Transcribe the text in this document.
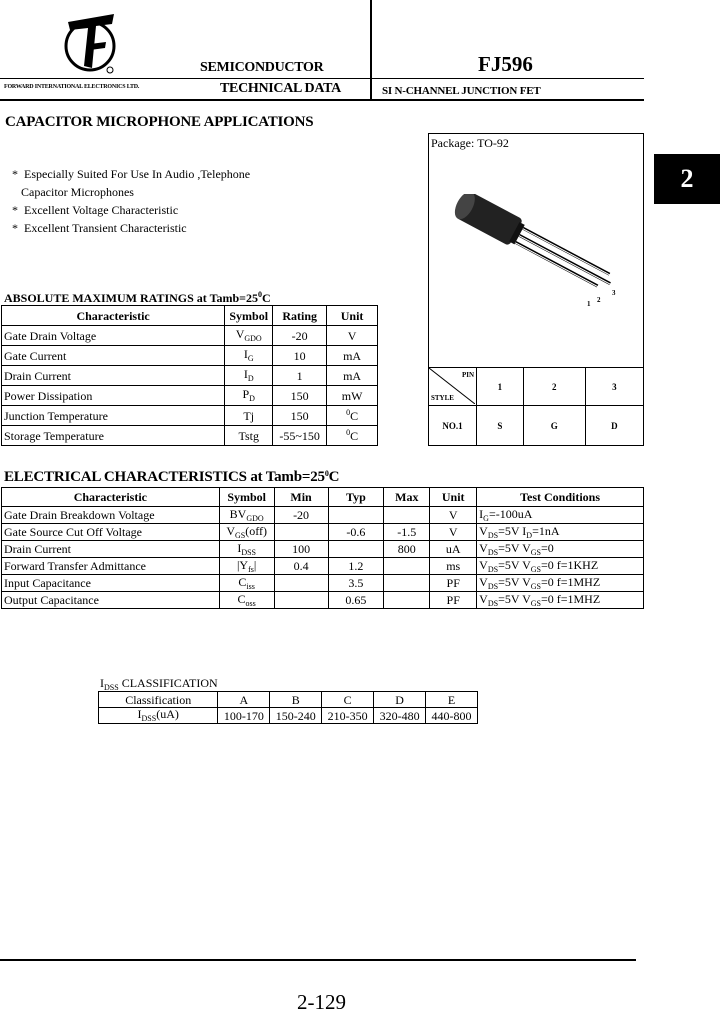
FORWARD INTERNATIONAL ELECTRONICS LTD.
SEMICONDUCTOR
TECHNICAL DATA
FJ596
SI N-CHANNEL JUNCTION FET
2
CAPACITOR MICROPHONE APPLICATIONS
*  Especially Suited For Use In Audio ,Telephone
Capacitor Microphones
*  Excellent Voltage Characteristic
*  Excellent Transient Characteristic
Package: TO-92
1 2
3
PIN
STYLE	1	2	3
NO.1	S	G	D
ABSOLUTE MAXIMUM RATINGS at $Tamb=25^0C$
Characteristic	Symbol	Rating	Unit
Gate Drain Voltage	$V_{GDO}$	-20	V
Gate Current	$I_G$	10	mA
Drain Current	$I_D$	1	mA
Power Dissipation	$P_D$	150	mW
Junction Temperature	Tj	150	$^0$C
Storage Temperature	Tstg	-55~150	$^0$C
ELECTRICAL CHARACTERISTICS at $Tamb=25^0C$
Characteristic	Symbol	Min	Typ	Max	Unit	Test Conditions
Gate Drain Breakdown Voltage	$BV_{GDO}$	-20			V	$I_G=-100uA$
Gate Source Cut Off Voltage	$V_{GS}(off)$		-0.6	-1.5	V	$V_{DS}=5V$ $I_D=1nA$
Drain Current	$I_{DSS}$	100		800	uA	$V_{DS}=5V$ $V_{GS}=0$
Forward Transfer Admittance	$|Y_{fs}|$	0.4	1.2		ms	$V_{DS}=5V$ $V_{GS}=0$ f=1KHZ
Input Capacitance	$C_{iss}$		3.5		PF	$V_{DS}=5V$ $V_{GS}=0$ f=1MHZ
Output Capacitance	$C_{oss}$		0.65		PF	$V_{DS}=5V$ $V_{GS}=0$ f=1MHZ
$I_{DSS}$ CLASSIFICATION
Classification	A	B	C	D	E
$I_{DSS}(uA)$	100-170	150-240	210-350	320-480	440-800
2-129
